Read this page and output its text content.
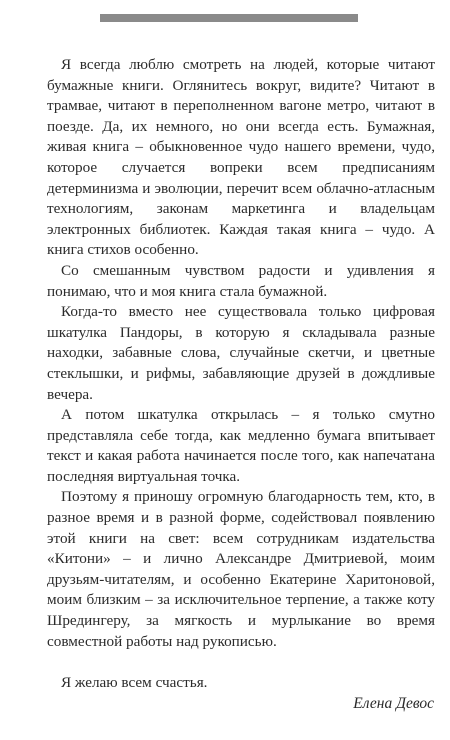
Я всегда люблю смотреть на людей, которые читают бумажные книги. Оглянитесь вокруг, видите? Читают в трамвае, читают в переполненном вагоне метро, читают в поезде. Да, их немного, но они всегда есть. Бумажная, живая книга – обыкновенное чудо нашего времени, чудо, которое случается вопреки всем предписаниям детерминизма и эволюции, перечит всем облачно-атласным технологиям, законам маркетинга и владельцам электронных библиотек. Каждая такая книга – чудо. А книга стихов особенно.

Со смешанным чувством радости и удивления я понимаю, что и моя книга стала бумажной.

Когда-то вместо нее существовала только цифровая шкатулка Пандоры, в которую я складывала разные находки, забавные слова, случайные скетчи, и цветные стеклышки, и рифмы, забавляющие друзей в дождливые вечера.

А потом шкатулка открылась – я только смутно представляла себе тогда, как медленно бумага впитывает текст и какая работа начинается после того, как напечатана последняя виртуальная точка.

Поэтому я приношу огромную благодарность тем, кто, в разное время и в разной форме, содействовал появлению этой книги на свет: всем сотрудникам издательства «Китони» – и лично Александре Дмитриевой, моим друзьям-читателям, и особенно Екатерине Харитоновой, моим близким – за исключительное терпение, а также коту Шредингеру, за мягкость и мурлыкание во время совместной работы над рукописью.

Я желаю всем счастья.

Елена Девос
